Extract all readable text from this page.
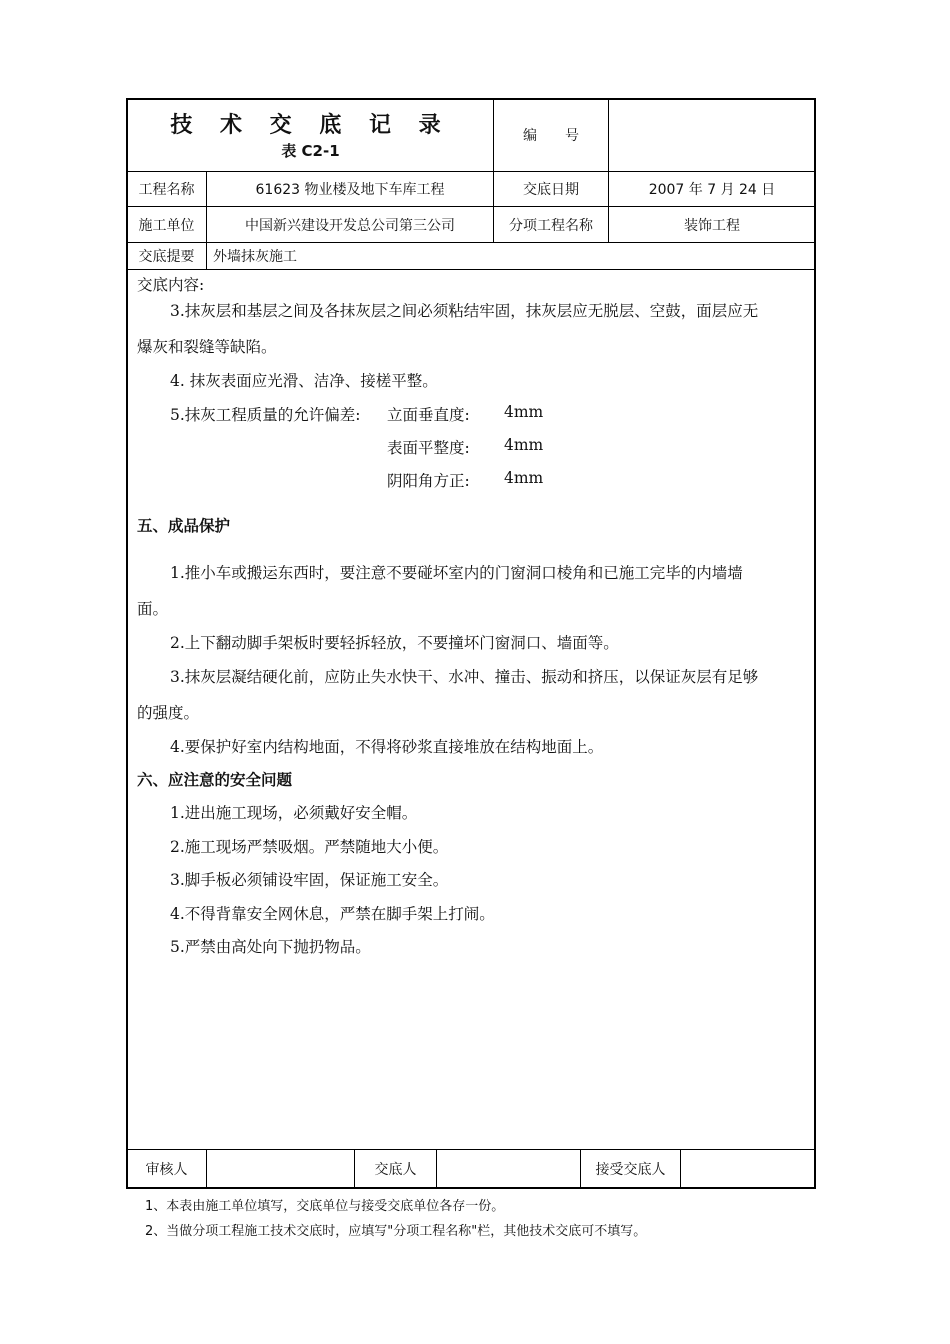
技 术 交 底 记 录
表 C2-1
编　　号
工程名称	61623 物业楼及地下车库工程	交底日期	2007 年 7 月 24 日
施工单位	中国新兴建设开发总公司第三公司	分项工程名称	装饰工程
交底提要	外墙抹灰施工
交底内容:
3.抹灰层和基层之间及各抹灰层之间必须粘结牢固，抹灰层应无脱层、空鼓，面层应无
爆灰和裂缝等缺陷。
4. 抹灰表面应光滑、洁净、接槎平整。
5.抹灰工程质量的允许偏差: 立面垂直度: 4mm
表面平整度: 4mm
阴阳角方正: 4mm
五、成品保护
1.推小车或搬运东西时，要注意不要碰坏室内的门窗洞口棱角和已施工完毕的内墙墙
面。
2.上下翻动脚手架板时要轻拆轻放，不要撞坏门窗洞口、墙面等。
3.抹灰层凝结硬化前，应防止失水快干、水冲、撞击、振动和挤压，以保证灰层有足够
的强度。
4.要保护好室内结构地面，不得将砂浆直接堆放在结构地面上。
六、应注意的安全问题
1.进出施工现场，必须戴好安全帽。
2.施工现场严禁吸烟。严禁随地大小便。
3.脚手板必须铺设牢固，保证施工安全。
4.不得背靠安全网休息，严禁在脚手架上打闹。
5.严禁由高处向下抛扔物品。
审核人	交底人	接受交底人
1、本表由施工单位填写，交底单位与接受交底单位各存一份。
2、当做分项工程施工技术交底时，应填写"分项工程名称"栏，其他技术交底可不填写。
